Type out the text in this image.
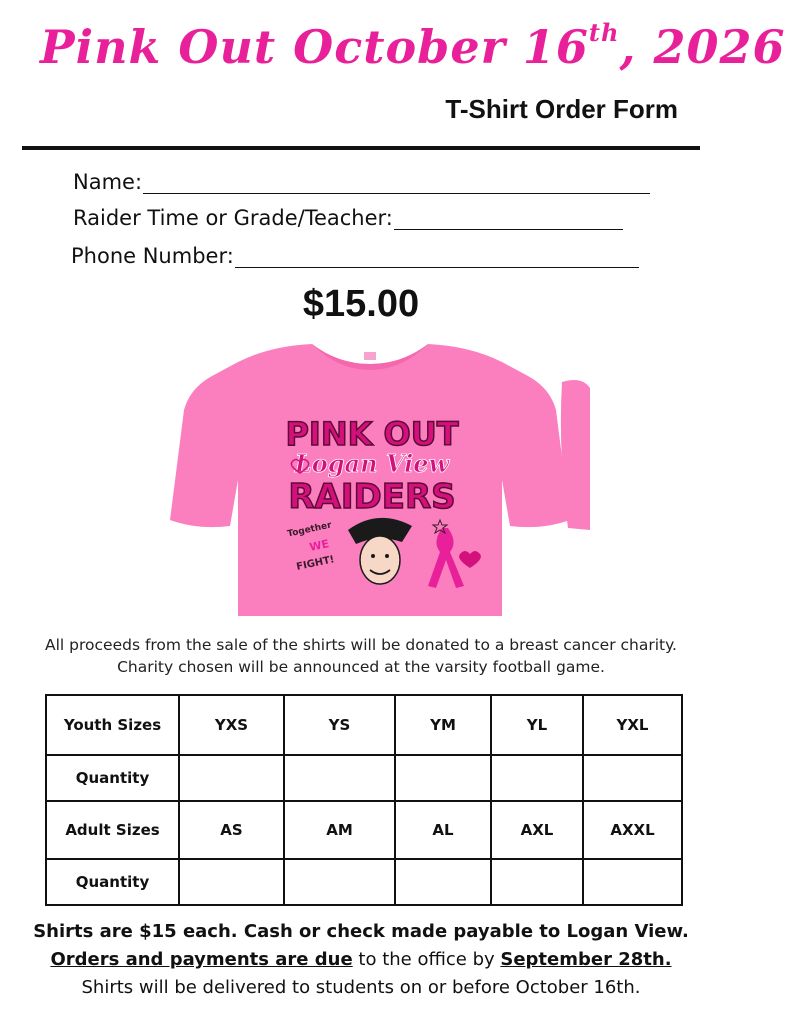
Pink Out October 16th, 2026
T-Shirt Order Form
Name:
Raider Time or Grade/Teacher:
Phone Number:
$15.00
PINK OUT
Logan View
RAIDERS
Together
WE
FIGHT!
All proceeds from the sale of the shirts will be donated to a breast cancer charity. Charity chosen will be announced at the varsity football game.
Youth Sizes	YXS	YS	YM	YL	YXL
Quantity					
Adult Sizes	AS	AM	AL	AXL	AXXL
Quantity					
Shirts are $15 each. Cash or check made payable to Logan View.
Orders and payments are due to the office by September 28th.
Shirts will be delivered to students on or before October 16th.
